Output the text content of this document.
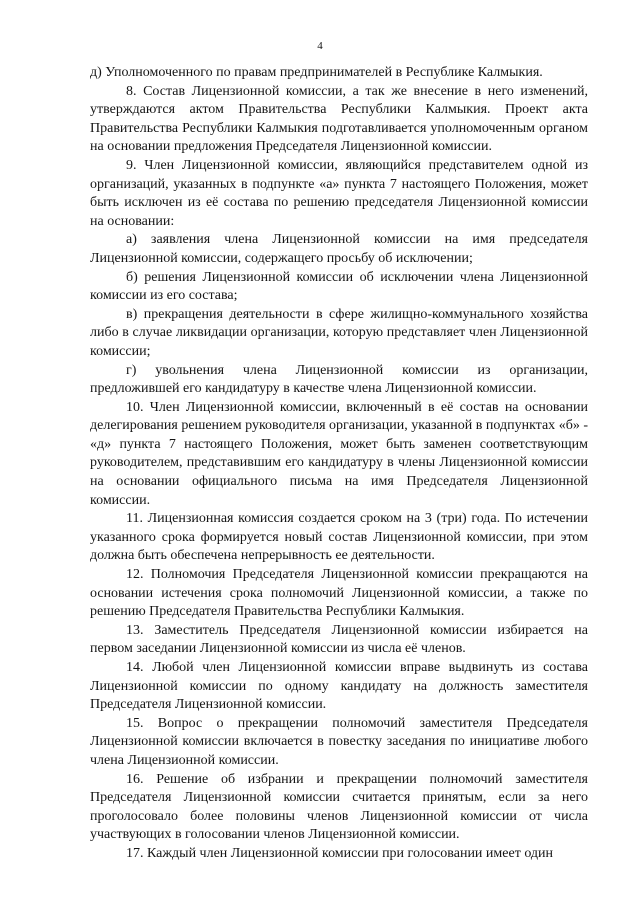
4

д) Уполномоченного по правам предпринимателей в Республике Калмыкия.

8. Состав Лицензионной комиссии, а так же внесение в него изменений, утверждаются актом Правительства Республики Калмыкия. Проект акта Правительства Республики Калмыкия подготавливается уполномоченным органом на основании предложения Председателя Лицензионной комиссии.

9. Член Лицензионной комиссии, являющийся представителем одной из организаций, указанных в подпункте «а» пункта 7 настоящего Положения, может быть исключен из её состава по решению председателя Лицензионной комиссии на основании:

а) заявления члена Лицензионной комиссии на имя председателя Лицензионной комиссии, содержащего просьбу об исключении;

б) решения Лицензионной комиссии об исключении члена Лицензионной комиссии из его состава;

в) прекращения деятельности в сфере жилищно-коммунального хозяйства либо в случае ликвидации организации, которую представляет член Лицензионной комиссии;

г) увольнения члена Лицензионной комиссии из организации, предложившей его кандидатуру в качестве члена Лицензионной комиссии.

10. Член Лицензионной комиссии, включенный в её состав на основании делегирования решением руководителя организации, указанной в подпунктах «б» - «д» пункта 7 настоящего Положения, может быть заменен соответствующим руководителем, представившим его кандидатуру в члены Лицензионной комиссии на основании официального письма на имя Председателя Лицензионной комиссии.

11. Лицензионная комиссия создается сроком на 3 (три) года. По истечении указанного срока формируется новый состав Лицензионной комиссии, при этом должна быть обеспечена непрерывность ее деятельности.

12. Полномочия Председателя Лицензионной комиссии прекращаются на основании истечения срока полномочий Лицензионной комиссии, а также по решению Председателя Правительства Республики Калмыкия.

13. Заместитель Председателя Лицензионной комиссии избирается на первом заседании Лицензионной комиссии из числа её членов.

14. Любой член Лицензионной комиссии вправе выдвинуть из состава Лицензионной комиссии по одному кандидату на должность заместителя Председателя Лицензионной комиссии.

15. Вопрос о прекращении полномочий заместителя Председателя Лицензионной комиссии включается в повестку заседания по инициативе любого члена Лицензионной комиссии.

16. Решение об избрании и прекращении полномочий заместителя Председателя Лицензионной комиссии считается принятым, если за него проголосовало более половины членов Лицензионной комиссии от числа участвующих в голосовании членов Лицензионной комиссии.

17. Каждый член Лицензионной комиссии при голосовании имеет один
